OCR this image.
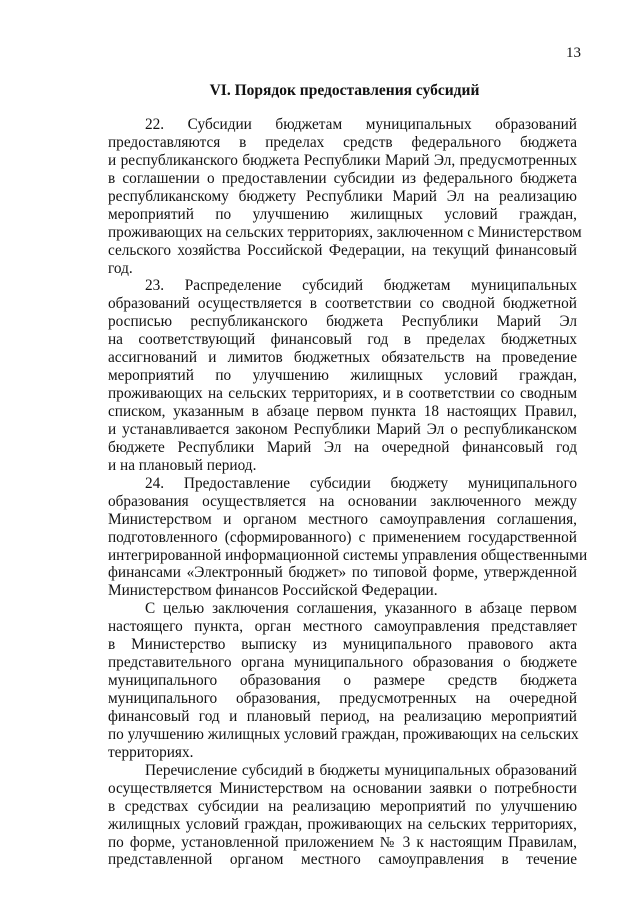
13
VI. Порядок предоставления субсидий
22. Субсидии бюджетам муниципальных образований
предоставляются в пределах средств федерального бюджета
и республиканского бюджета Республики Марий Эл, предусмотренных
в соглашении о предоставлении субсидии из федерального бюджета
республиканскому бюджету Республики Марий Эл на реализацию
мероприятий по улучшению жилищных условий граждан,
проживающих на сельских территориях, заключенном с Министерством
сельского хозяйства Российской Федерации, на текущий финансовый
год.
23. Распределение субсидий бюджетам муниципальных
образований осуществляется в соответствии со сводной бюджетной
росписью республиканского бюджета Республики Марий Эл
на соответствующий финансовый год в пределах бюджетных
ассигнований и лимитов бюджетных обязательств на проведение
мероприятий по улучшению жилищных условий граждан,
проживающих на сельских территориях, и в соответствии со сводным
списком, указанным в абзаце первом пункта 18 настоящих Правил,
и устанавливается законом Республики Марий Эл о республиканском
бюджете Республики Марий Эл на очередной финансовый год
и на плановый период.
24. Предоставление субсидии бюджету муниципального
образования осуществляется на основании заключенного между
Министерством и органом местного самоуправления соглашения,
подготовленного (сформированного) с применением государственной
интегрированной информационной системы управления общественными
финансами «Электронный бюджет» по типовой форме, утвержденной
Министерством финансов Российской Федерации.
С целью заключения соглашения, указанного в абзаце первом
настоящего пункта, орган местного самоуправления представляет
в Министерство выписку из муниципального правового акта
представительного органа муниципального образования о бюджете
муниципального образования о размере средств бюджета
муниципального образования, предусмотренных на очередной
финансовый год и плановый период, на реализацию мероприятий
по улучшению жилищных условий граждан, проживающих на сельских
территориях.
Перечисление субсидий в бюджеты муниципальных образований
осуществляется Министерством на основании заявки о потребности
в средствах субсидии на реализацию мероприятий по улучшению
жилищных условий граждан, проживающих на сельских территориях,
по форме, установленной приложением № 3 к настоящим Правилам,
представленной органом местного самоуправления в течение
